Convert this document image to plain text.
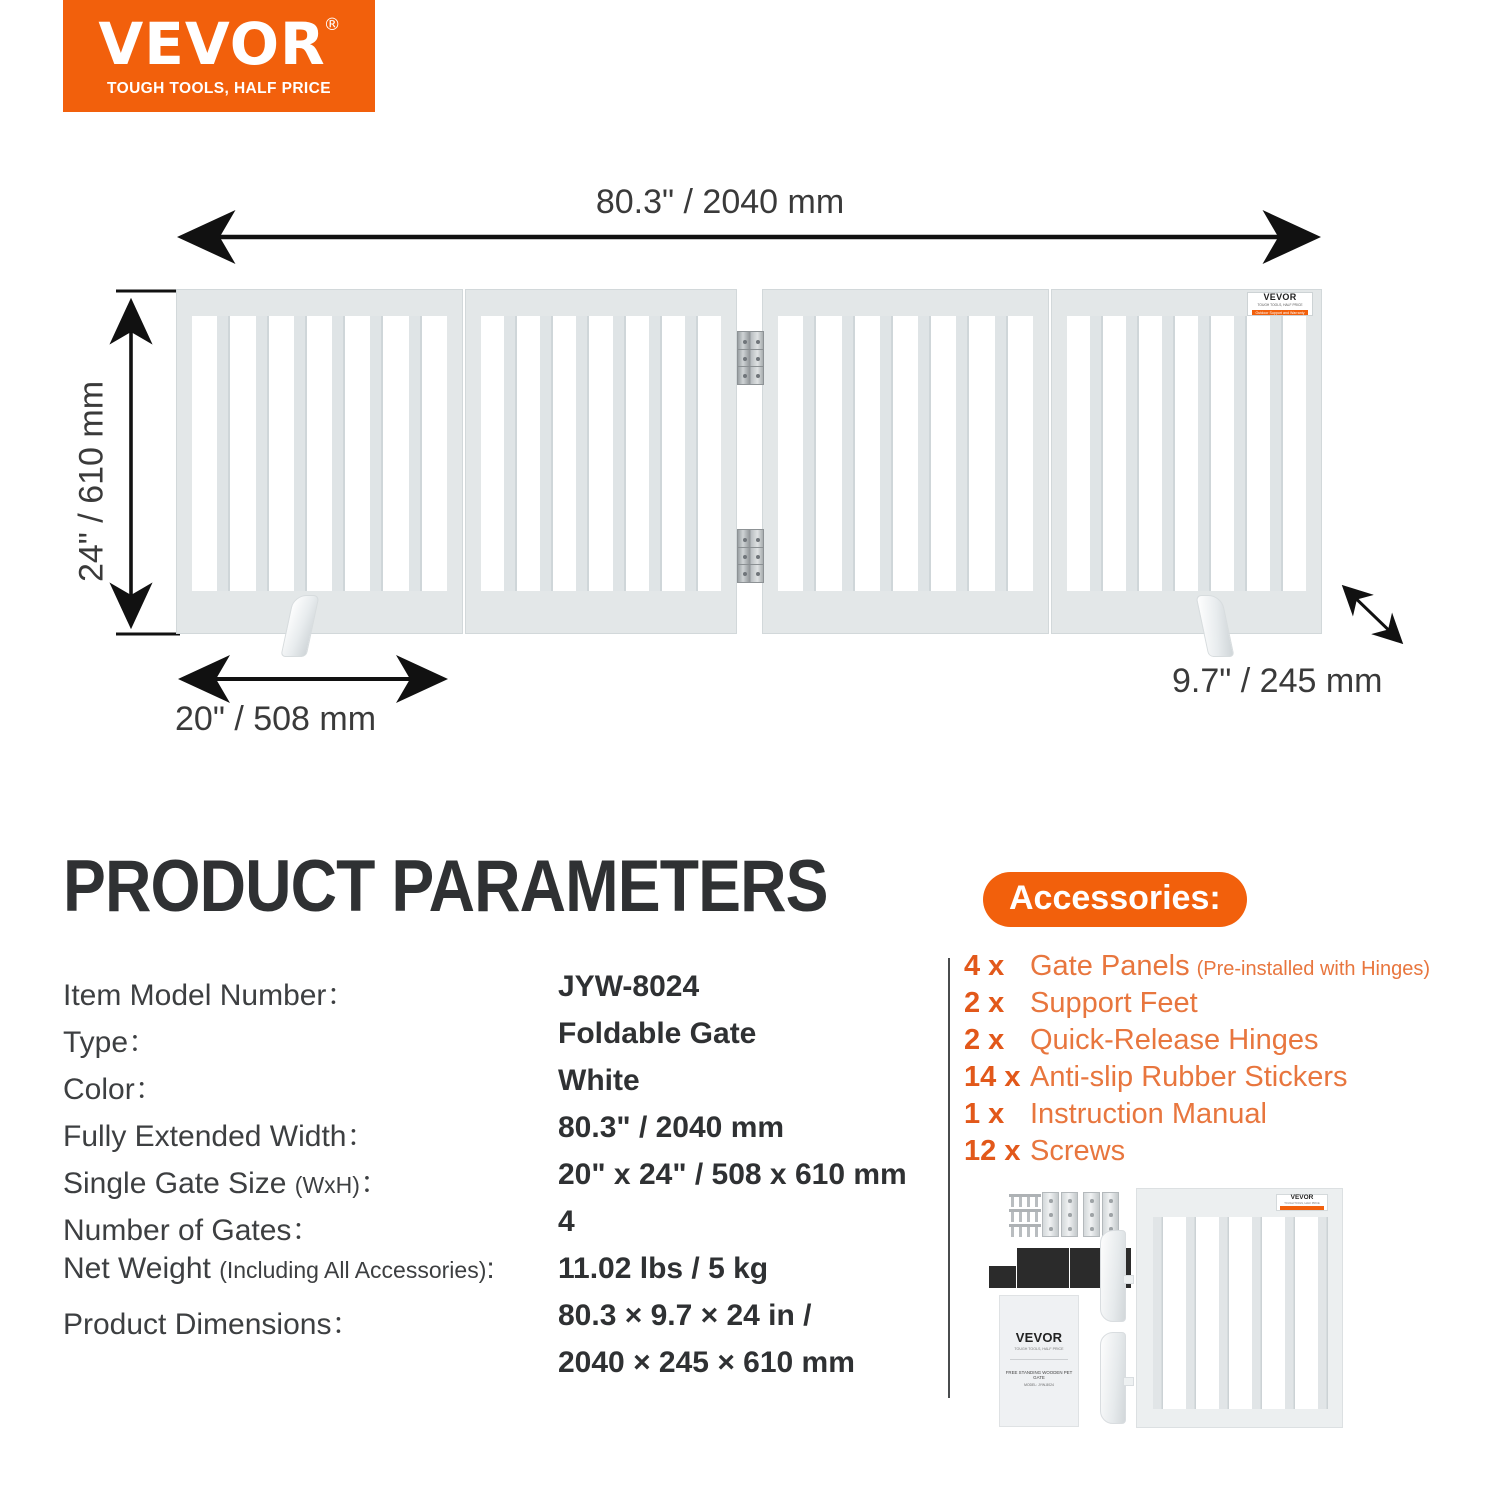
VEVOR
®
TOUGH TOOLS, HALF PRICE
80.3" / 2040 mm
24" / 610 mm
20" / 508 mm
9.7" / 245 mm
VEVOR
TOUGH TOOLS, HALF PRICE
Outdoor Support and Warranty
PRODUCT PARAMETERS
Item Model Number：	JYW-8024
Type：	Foldable Gate
Color：	White
Fully Extended Width：	80.3" / 2040 mm
Single Gate Size (WxH)：	20" x 24" / 508 x 610 mm
Number of Gates：	4
Net Weight (Including All Accessories): 11.02 lbs / 5 kg
Product Dimensions：	80.3 × 9.7 × 24 in /
2040 × 245 × 610 mm
Accessories:
4 x Gate Panels (Pre-installed with Hinges)
2 x Support Feet
2 x Quick-Release Hinges
14 x Anti-slip Rubber Stickers
1 x Instruction Manual
12 x Screws
VEVOR
TOUGH TOOLS, HALF PRICE
FREE STANDING WOODEN PET GATE
MODEL: JYW-8024
VEVOR
TOUGH TOOLS, HALF PRICE
